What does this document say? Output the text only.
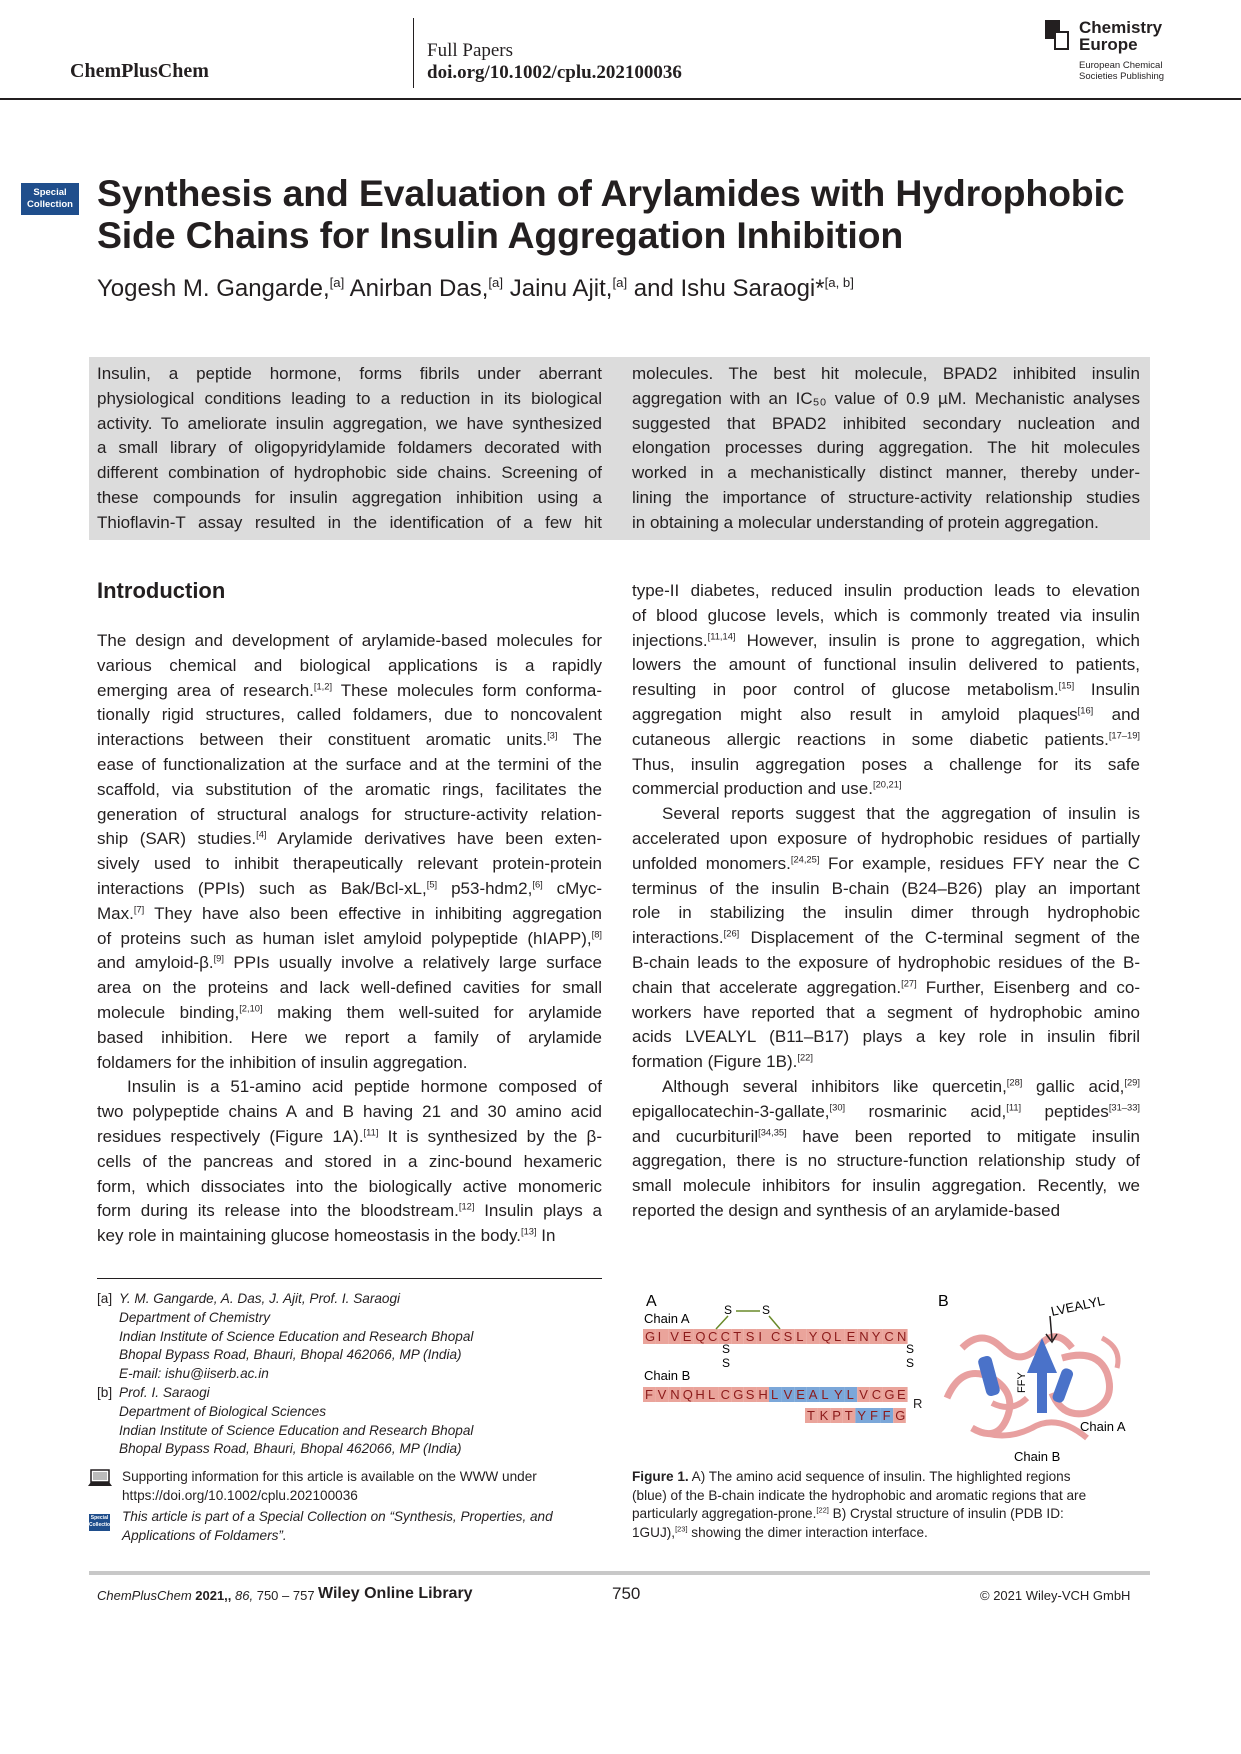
ChemPlusChem
Full Papers
doi.org/10.1002/cplu.202100036
Chemistry
Europe
European Chemical
Societies Publishing
Special
Collection Synthesis and Evaluation of Arylamides with Hydrophobic
Side Chains for Insulin Aggregation Inhibition
Yogesh M. Gangarde,[a] Anirban Das,[a] Jainu Ajit,[a] and Ishu Saraogi*[a, b]
Insulin, a peptide hormone, forms fibrils under aberrant
physiological conditions leading to a reduction in its biological
activity. To ameliorate insulin aggregation, we have synthesized
a small library of oligopyridylamide foldamers decorated with
different combination of hydrophobic side chains. Screening of
these compounds for insulin aggregation inhibition using a
Thioflavin-T assay resulted in the identification of a few hit
molecules. The best hit molecule, BPAD2 inhibited insulin
aggregation with an IC₅₀ value of 0.9 µM. Mechanistic analyses
suggested that BPAD2 inhibited secondary nucleation and
elongation processes during aggregation. The hit molecules
worked in a mechanistically distinct manner, thereby under-
lining the importance of structure-activity relationship studies
in obtaining a molecular understanding of protein aggregation.
Introduction
The design and development of arylamide-based molecules for
various chemical and biological applications is a rapidly
emerging area of research.[1,2] These molecules form conforma-
tionally rigid structures, called foldamers, due to noncovalent
interactions between their constituent aromatic units.[3] The
ease of functionalization at the surface and at the termini of the
scaffold, via substitution of the aromatic rings, facilitates the
generation of structural analogs for structure-activity relation-
ship (SAR) studies.[4] Arylamide derivatives have been exten-
sively used to inhibit therapeutically relevant protein-protein
interactions (PPIs) such as Bak/Bcl-xL,[5] p53-hdm2,[6] cMyc-
Max.[7] They have also been effective in inhibiting aggregation
of proteins such as human islet amyloid polypeptide (hIAPP),[8]
and amyloid-β.[9] PPIs usually involve a relatively large surface
area on the proteins and lack well-defined cavities for small
molecule binding,[2,10] making them well-suited for arylamide
based inhibition. Here we report a family of arylamide
foldamers for the inhibition of insulin aggregation.
Insulin is a 51-amino acid peptide hormone composed of
two polypeptide chains A and B having 21 and 30 amino acid
residues respectively (Figure 1A).[11] It is synthesized by the β-
cells of the pancreas and stored in a zinc-bound hexameric
form, which dissociates into the biologically active monomeric
form during its release into the bloodstream.[12] Insulin plays a
key role in maintaining glucose homeostasis in the body.[13] In
type-II diabetes, reduced insulin production leads to elevation
of blood glucose levels, which is commonly treated via insulin
injections.[11,14] However, insulin is prone to aggregation, which
lowers the amount of functional insulin delivered to patients,
resulting in poor control of glucose metabolism.[15] Insulin
aggregation might also result in amyloid plaques[16] and
cutaneous allergic reactions in some diabetic patients.[17–19]
Thus, insulin aggregation poses a challenge for its safe
commercial production and use.[20,21]
Several reports suggest that the aggregation of insulin is
accelerated upon exposure of hydrophobic residues of partially
unfolded monomers.[24,25] For example, residues FFY near the C
terminus of the insulin B-chain (B24–B26) play an important
role in stabilizing the insulin dimer through hydrophobic
interactions.[26] Displacement of the C-terminal segment of the
B-chain leads to the exposure of hydrophobic residues of the B-
chain that accelerate aggregation.[27] Further, Eisenberg and co-
workers have reported that a segment of hydrophobic amino
acids LVEALYL (B11–B17) plays a key role in insulin fibril
formation (Figure 1B).[22]
Although several inhibitors like quercetin,[28] gallic acid,[29]
epigallocatechin-3-gallate,[30] rosmarinic acid,[11] peptides[31–33]
and cucurbituril[34,35] have been reported to mitigate insulin
aggregation, there is no structure-function relationship study of
small molecule inhibitors for insulin aggregation. Recently, we
reported the design and synthesis of an arylamide-based
[a] Y. M. Gangarde, A. Das, J. Ajit, Prof. I. Saraogi
Department of Chemistry
Indian Institute of Science Education and Research Bhopal
Bhopal Bypass Road, Bhauri, Bhopal 462066, MP (India)
E-mail: ishu@iiserb.ac.in
[b] Prof. I. Saraogi
Department of Biological Sciences
Indian Institute of Science Education and Research Bhopal
Bhopal Bypass Road, Bhauri, Bhopal 462066, MP (India)
Supporting information for this article is available on the WWW under
https://doi.org/10.1002/cplu.202100036
Special
Collection
This article is part of a Special Collection on “Synthesis, Properties, and
Applications of Foldamers”.
A	B
Chain A
Chain B
G I V E Q C C T S I C S L Y Q L E N Y C N
F V N Q H L C G S H L V E A L Y L V C G E
T K P T Y F F G
R
S S
S
S
S
S
LVEALYL
FFY
Chain A
Chain B
Figure 1. A) The amino acid sequence of insulin. The highlighted regions
(blue) of the B-chain indicate the hydrophobic and aromatic regions that are
particularly aggregation-prone.[22] B) Crystal structure of insulin (PDB ID:
1GUJ),[23] showing the dimer interaction interface.
ChemPlusChem 2021,, 86, 750 – 757 Wiley Online Library	750	© 2021 Wiley-VCH GmbH
